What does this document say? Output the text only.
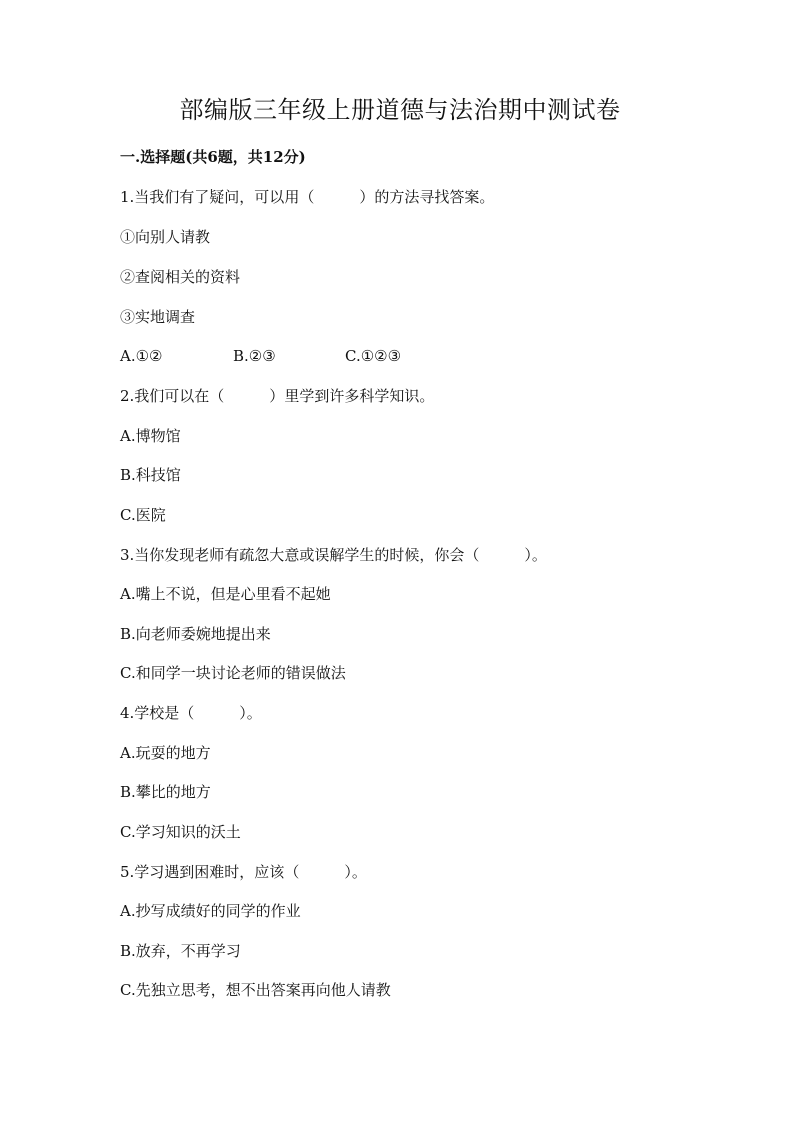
部编版三年级上册道德与法治期中测试卷
一.选择题(共6题，共12分)

1.当我们有了疑问，可以用（　　　）的方法寻找答案。

①向别人请教

②查阅相关的资料

③实地调查

A.①②	B.②③	C.①②③

2.我们可以在（　　　）里学到许多科学知识。

A.博物馆

B.科技馆

C.医院

3.当你发现老师有疏忽大意或误解学生的时候，你会（　　　）。

A.嘴上不说，但是心里看不起她

B.向老师委婉地提出来

C.和同学一块讨论老师的错误做法

4.学校是（　　　）。

A.玩耍的地方

B.攀比的地方

C.学习知识的沃土

5.学习遇到困难时，应该（　　　）。

A.抄写成绩好的同学的作业

B.放弃，不再学习

C.先独立思考，想不出答案再向他人请教
